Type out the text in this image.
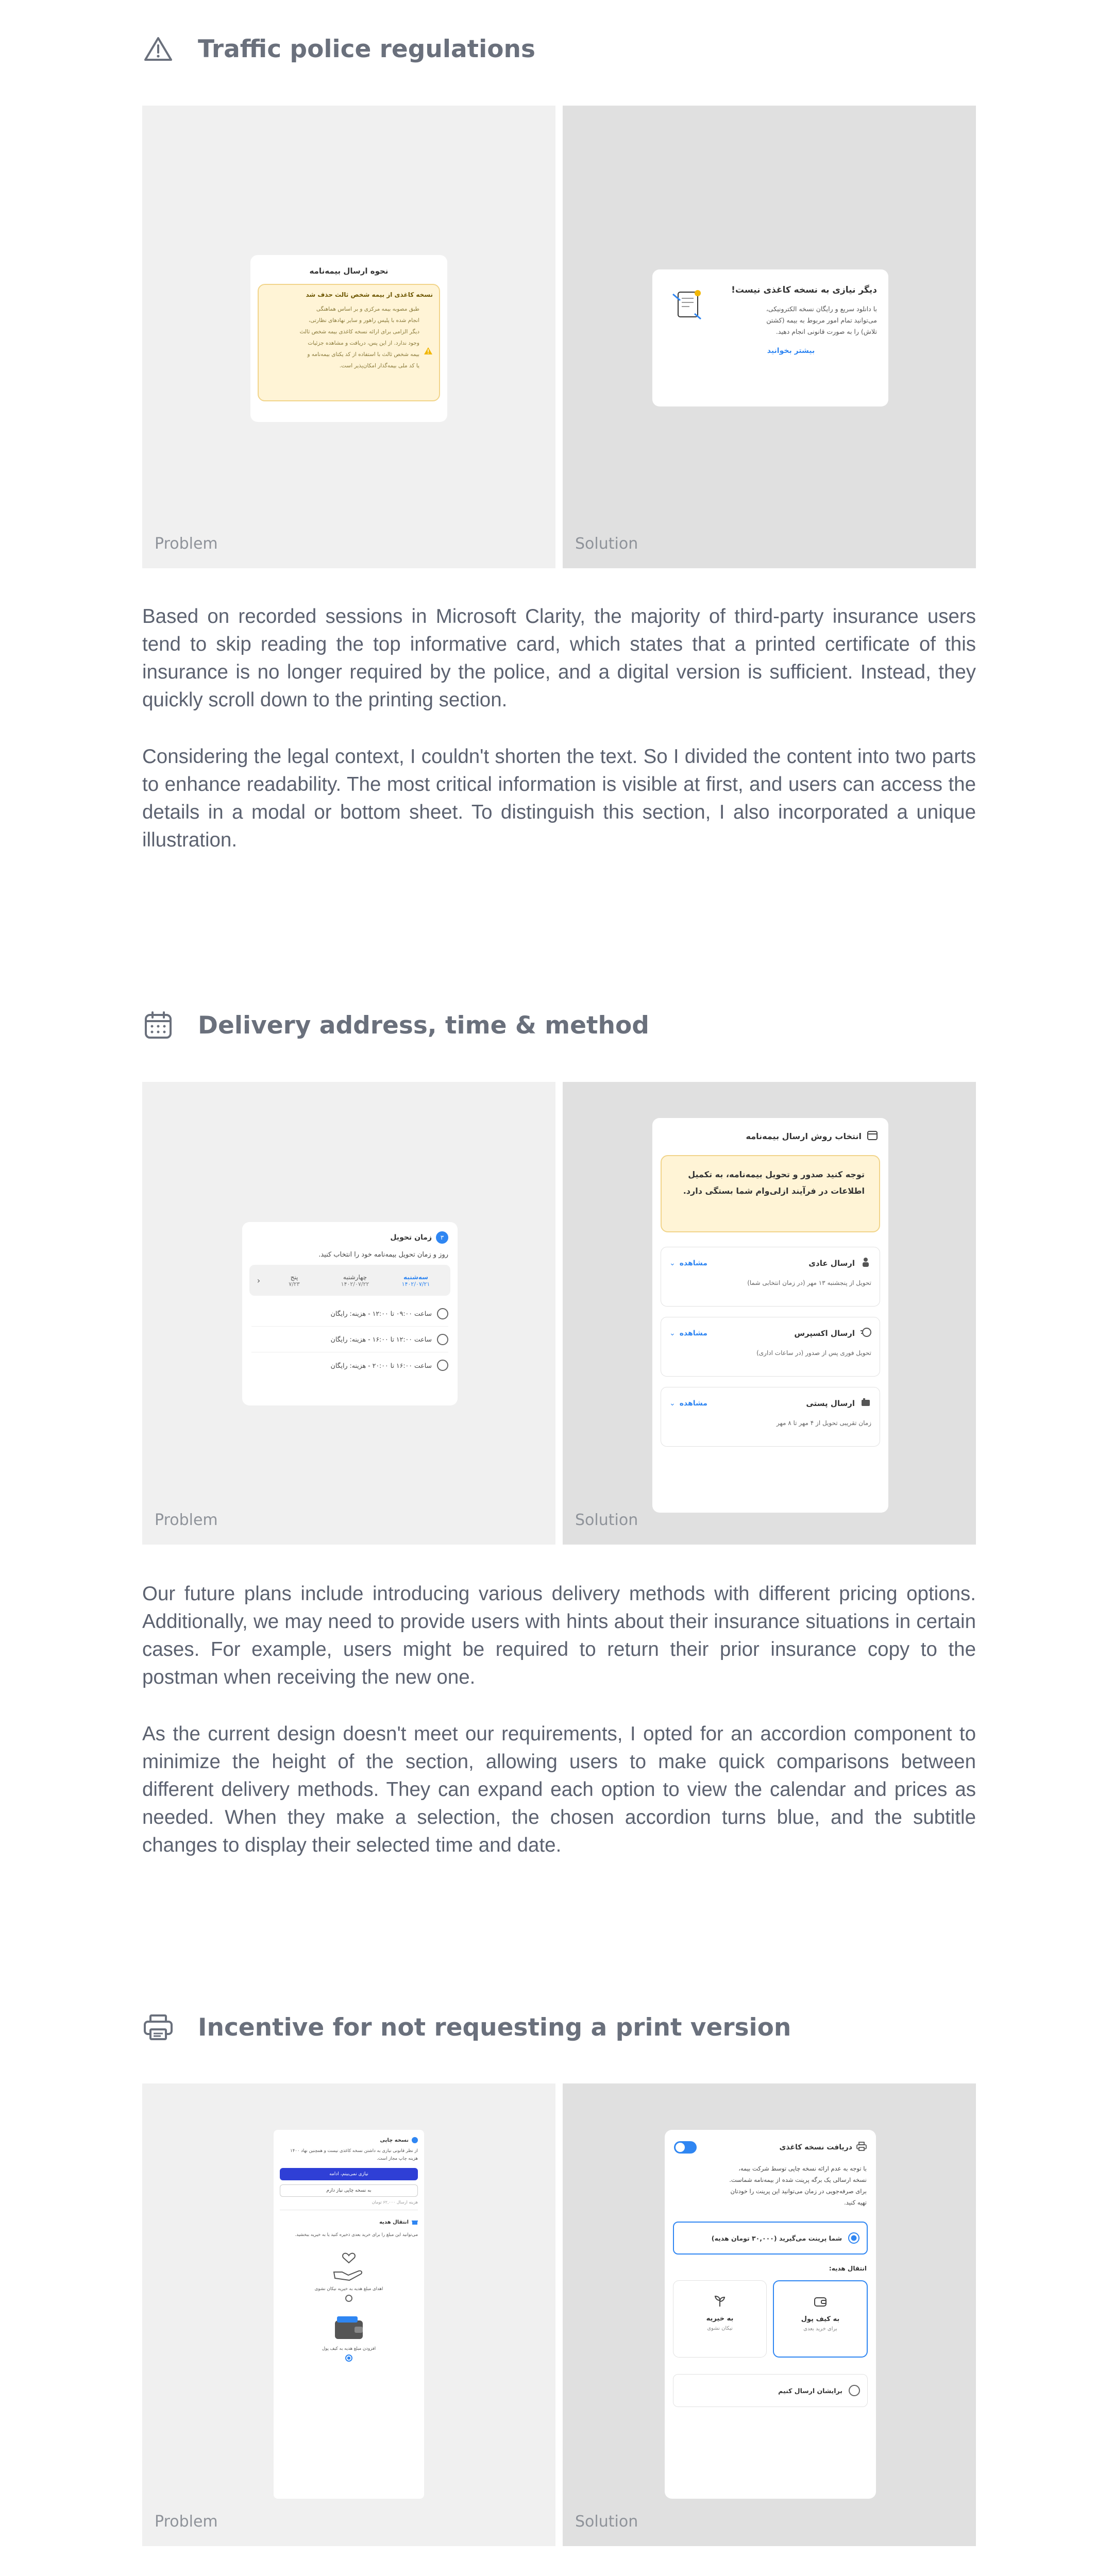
Traffic police regulations
نحوه ارسال بیمه‌نامه
نسخه کاغذی از بیمه شخص ثالث حذف شد
طبق مصوبه بیمه مرکزی و بر اساس هماهنگی
انجام شده با پلیس راهور و سایر نهادهای نظارتی،
دیگر الزامی برای ارائه نسخه کاغذی بیمه شخص ثالث
وجود ندارد. از این پس، دریافت و مشاهده جزئیات
بیمه شخص ثالث با استفاده از کد یکتای بیمه‌نامه و
یا کد ملی بیمه‌گذار امکان‌پذیر است.
Problem
دیگر نیازی به نسخه کاغذی نیست!
با دانلود سریع و رایگان نسخه الکترونیکی،
می‌توانید تمام امور مربوط به بیمه (کشتن
تلاش) را به صورت قانونی انجام دهید.
بیشتر بخوانید
Solution
Based on recorded sessions in Microsoft Clarity, the majority of third-party insurance users tend to skip reading the top informative card, which states that a printed certificate of this insurance is no longer required by the police, and a digital version is sufficient. Instead, they quickly scroll down to the printing section.
Considering the legal context, I couldn't shorten the text. So I divided the content into two parts to enhance readability. The most critical information is visible at first, and users can access the details in a modal or bottom sheet. To distinguish this section, I also incorporated a unique illustration.
Delivery address, time & method
۳
زمان تحویل
روز و زمان تحویل بیمه‌نامه خود را انتخاب کنید.
سه‌شنبه
۱۴۰۲/۰۷/۲۱
چهارشنبه
۱۴۰۲/۰۷/۲۲
پنج
۷/۲۳
‹
ساعت ۰۹:۰۰ تا ۱۲:۰۰ - هزینه: رایگان
ساعت ۱۲:۰۰ تا ۱۶:۰۰ - هزینه: رایگان
ساعت ۱۶:۰۰ تا ۲۰:۰۰ - هزینه: رایگان
Problem
انتخاب روش ارسال بیمه‌نامه
توجه کنید صدور و تحویل بیمه‌نامه، به تکمیل اطلاعات در فرآیند ازلی‌وام شما بستگی دارد.
ارسال عادی
مشاهده
⌄
تحویل از پنجشنبه ۱۳ مهر (در زمان انتخابی شما)
ارسال اکسپرس
مشاهده
⌄
تحویل فوری پس از صدور (در ساعات اداری)
ارسال پستی
مشاهده
⌄
زمان تقریبی تحویل از ۴ مهر تا ۸ مهر
Solution
Our future plans include introducing various delivery methods with different pricing options. Additionally, we may need to provide users with hints about their insurance situations in certain cases. For example, users might be required to return their prior insurance copy to the postman when receiving the new one.
As the current design doesn't meet our requirements, I opted for an accordion component to minimize the height of the section, allowing users to make quick comparisons between different delivery methods. They can expand each option to view the calendar and prices as needed. When they make a selection, the chosen accordion turns blue, and the subtitle changes to display their selected time and date.
Incentive for not requesting a print version
نسخه چاپی
از نظر قانونی نیازی به داشتن نسخه کاغذی نیست و همچنین نهاد ۱۴۰۰ هزینه چاپ مجاز است.
نیازی نمی‌بینم، ادامه
به نسخه چاپی نیاز دارم
هزینه ارسال ۶۲,۰۰۰ تومان
انتقال هدیه
می‌توانید این مبلغ را برای خرید بعدی ذخیره کنید یا به خیریه ببخشید.
اهدای مبلغ هدیه به خیریه نیکان نشوی
افزودن مبلغ هدیه به کیف پول
Problem
دریافت نسخه کاغذی
با توجه به عدم ارائه نسخه چاپی توسط شرکت بیمه،
نسخه ارسالی یک برگه پرینت شده از بیمه‌نامه شماست.
برای صرفه‌جویی در زمان می‌توانید این پرینت را خودتان
تهیه کنید.
شما پرینت می‌گیرید (۳۰,۰۰۰ تومان هدیه)
انتقال هدیه:
به کیف پول
برای خرید بعدی
به خیریه
نیکان نشوی
برایشان ارسال کنیم
Solution
